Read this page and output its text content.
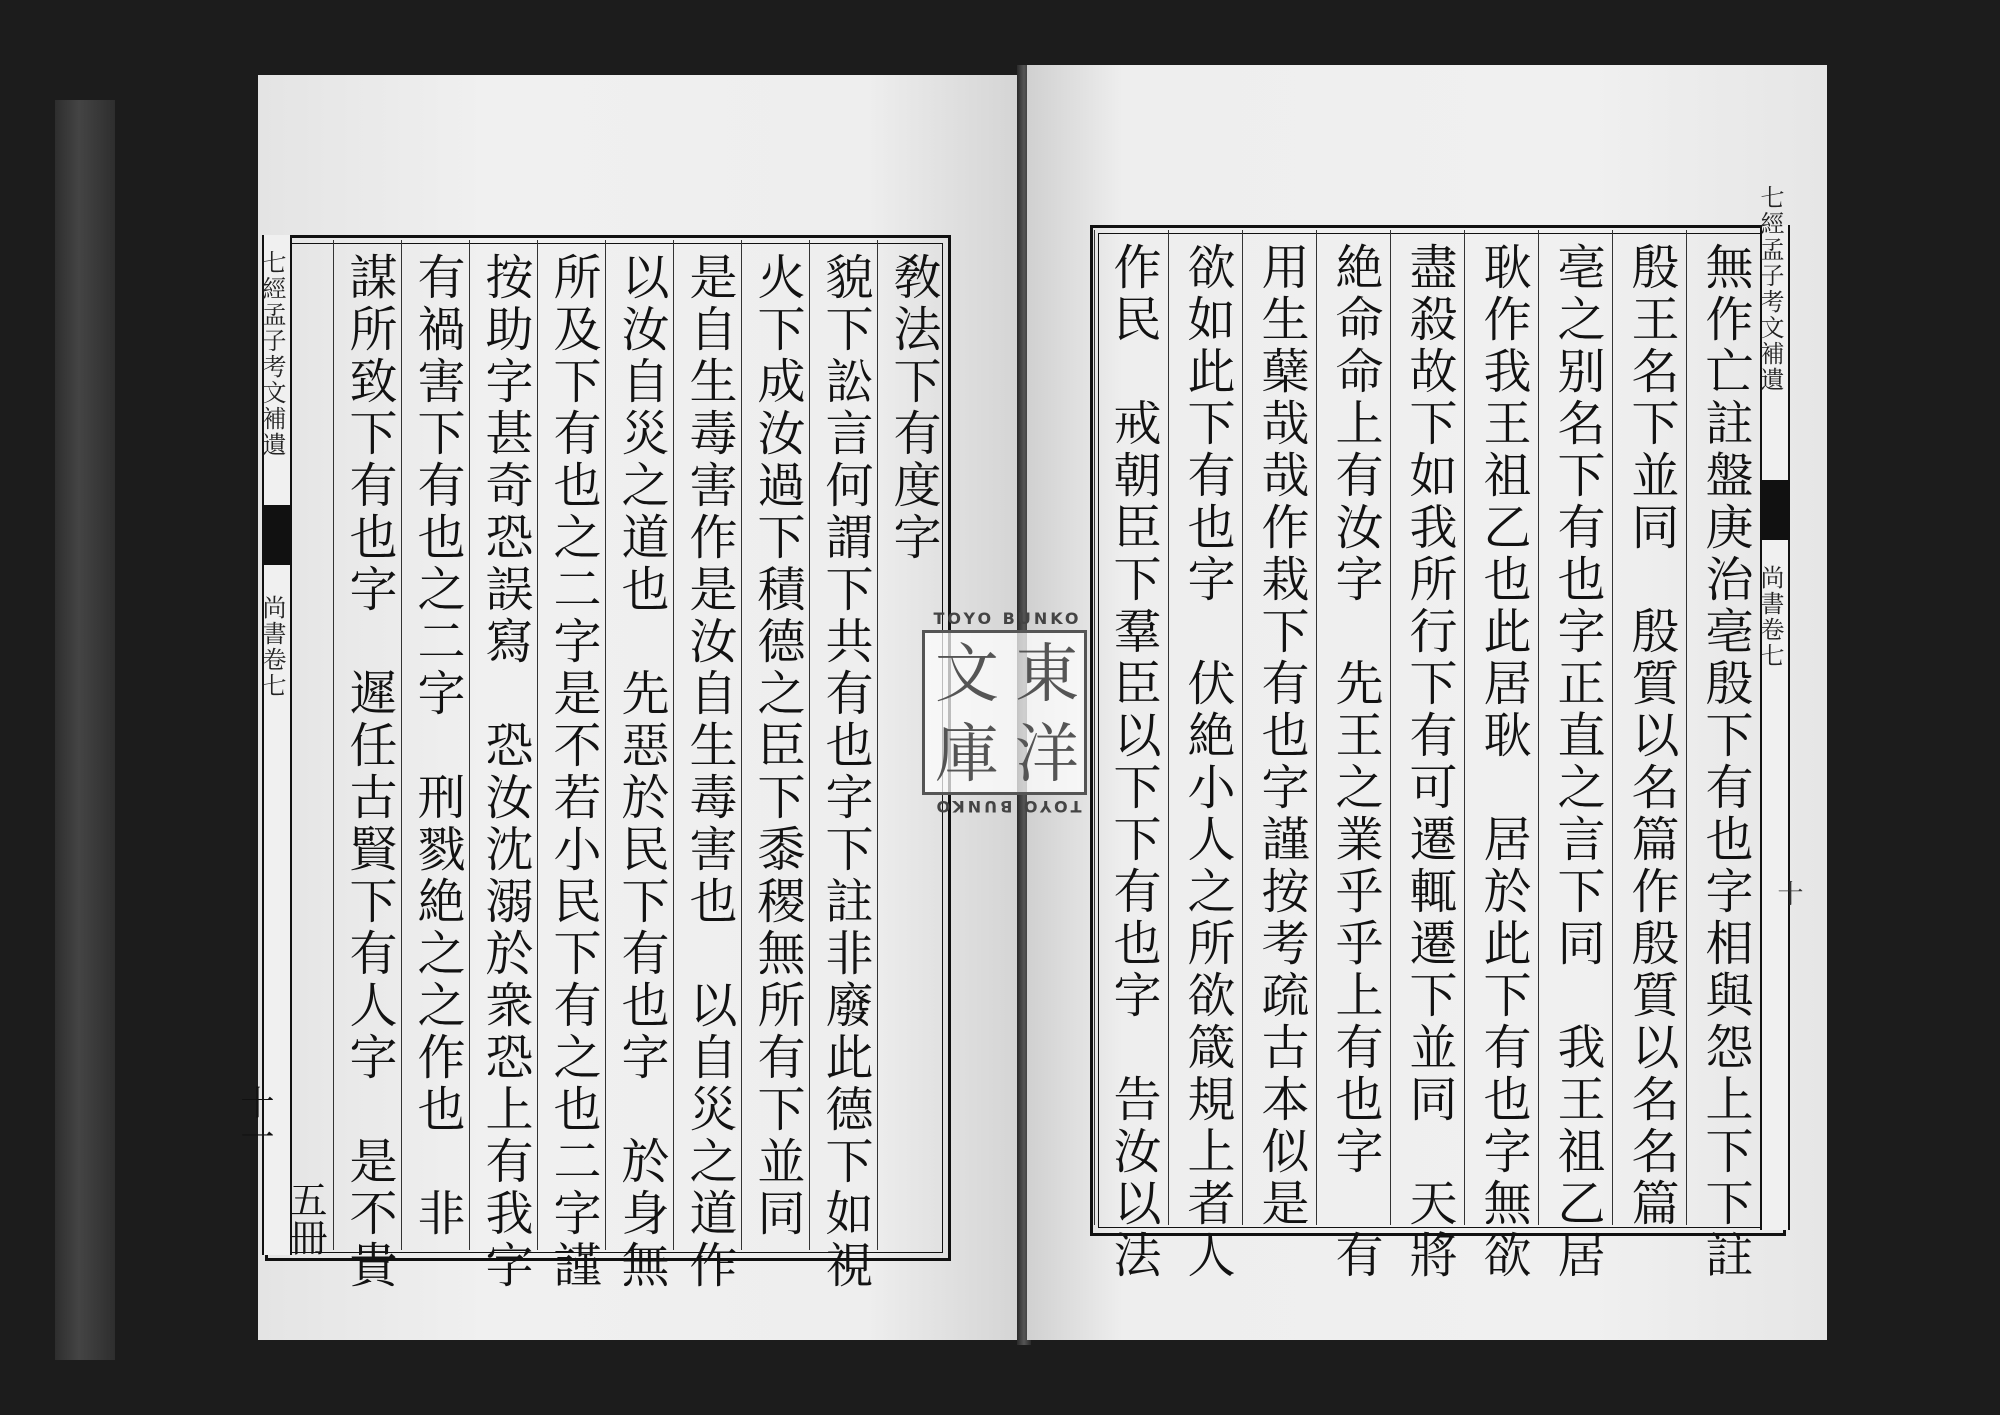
七經孟子考文補遺
尚書卷七
十一
五冊
七經孟子考文補遺
尚書卷七
十
TOYO BUNKO
東
洋
文
庫
TOYO BUNKO
敎法下有度字
貌下訟言何謂下共有也字下註非廢此德下如視
火下成汝過下積德之臣下黍稷無所有下並同
是自生毒害作是汝自生毒害也　以自災之道作
以汝自災之道也　先惡於民下有也字　於身無
所及下有也之二字是不若小民下有之也二字謹
按助字甚奇恐誤寫　恐汝沈溺於衆恐上有我字
有禍害下有也之二字　刑戮絶之之作也　非
謀所致下有也字　遲任古賢下有人字　是不貴	無作亡註盤庚治亳殷下有也字相與怨上下下註
殷王名下並同　殷質以名篇作殷質以名名篇
亳之别名下有也字正直之言下同　我王祖乙居
耿作我王祖乙也此居耿　居於此下有也字無欲
盡殺故下如我所行下有可遷輒遷下並同　天將
絶命命上有汝字　先王之業乎乎上有也字　有
用生蘖哉哉作栽下有也字謹按考疏古本似是
欲如此下有也字　伏絶小人之所欲箴規上者人
作民　戒朝臣下羣臣以下下有也字　告汝以法
